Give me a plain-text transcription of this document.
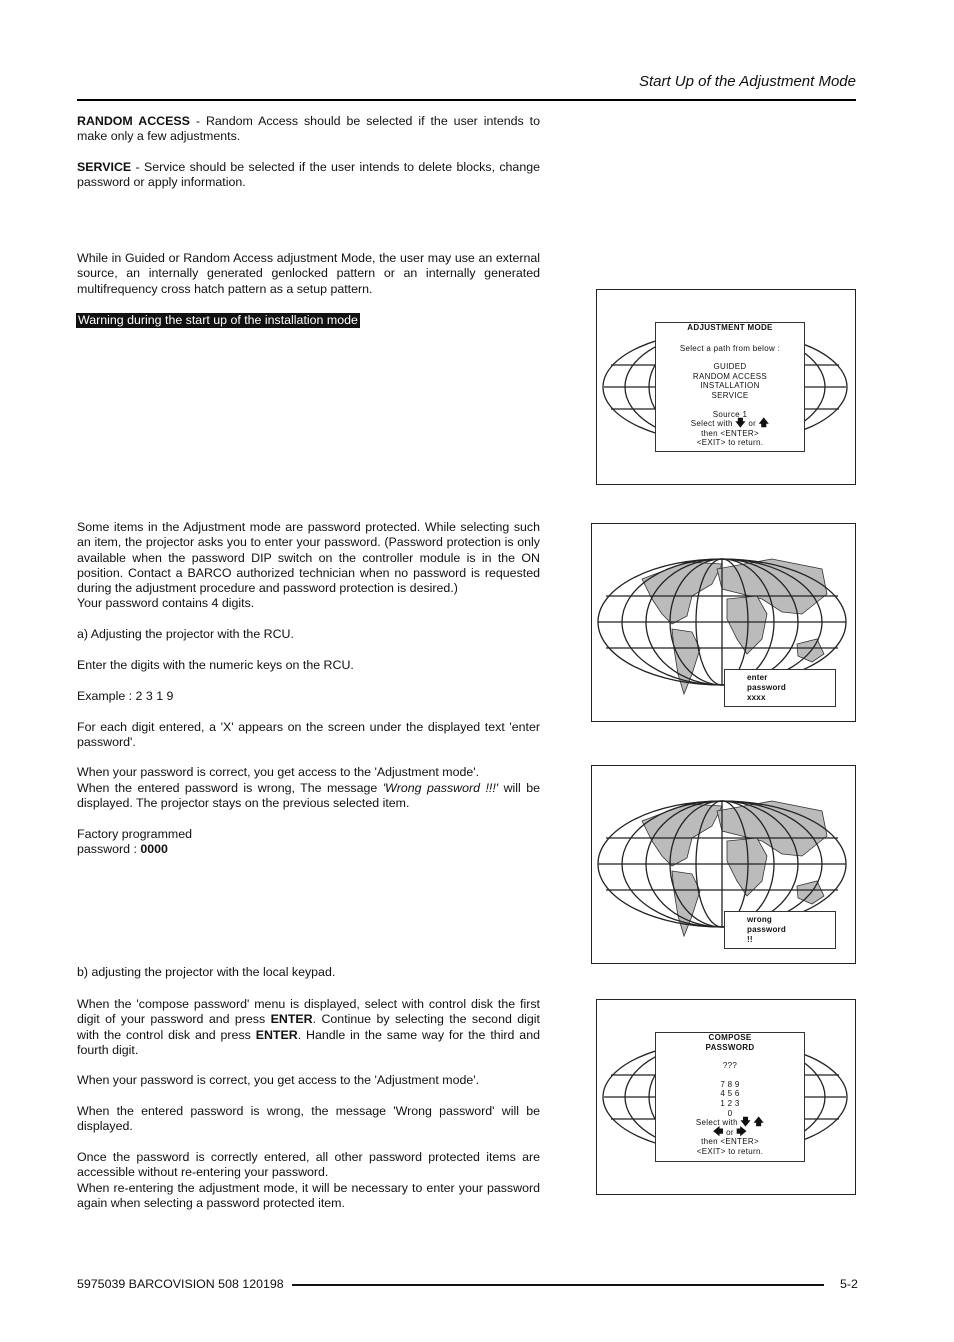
Start Up of the Adjustment Mode
RANDOM ACCESS - Random Access should be selected if the user intends to make only a few adjustments.
SERVICE - Service should be selected if the user intends to delete blocks, change password or apply information.
While in Guided or Random Access adjustment Mode, the user may use an external source, an internally generated genlocked pattern or an internally generated multifrequency cross hatch pattern as a setup pattern.
Warning during the start up of the installation mode
Some items in the Adjustment mode are password protected. While selecting such an item, the projector asks you to enter your password. (Password protection is only available when the password DIP switch on the controller module is in the ON position. Contact a BARCO authorized technician when no password is requested during the adjustment procedure and password protection is desired.)
Your password contains 4 digits.
a) Adjusting the projector with the RCU.
Enter the digits with the numeric keys on the RCU.
Example : 2 3 1 9
For each digit entered, a 'X' appears on the screen under the displayed text 'enter password'.
When your password is correct, you get access to the 'Adjustment mode'.
When the entered password is wrong, The message 'Wrong password !!!' will be displayed. The projector stays on the previous selected item.
Factory programmed
password : 0000
b) adjusting the projector with the local keypad.
When the 'compose password' menu is displayed, select with control disk the first digit of your password and press ENTER. Continue by selecting the second digit with the control disk and press ENTER. Handle in the same way for the third and fourth digit.
When your password is correct, you get access to the 'Adjustment mode'.
When the entered password is wrong, the message 'Wrong password' will be displayed.
Once the password is correctly entered, all other password protected items are accessible without re-entering your password.
When re-entering the adjustment mode, it will be necessary to enter your password again when selecting a password protected item.
ADJUSTMENT MODE
Select a path from below :
GUIDED
RANDOM ACCESS
INSTALLATION
SERVICE
Source 1
Select with 🡇 or 🡅
then <ENTER>
<EXIT> to return.
enter
password
xxxx
wrong
password
!!
COMPOSE
PASSWORD
???
7 8 9
4 5 6
1 2 3
0
Select with 🡇 🡅
🡄 or 🡆
then <ENTER>
<EXIT> to return.
5975039 BARCOVISION 508 120198	5-2
